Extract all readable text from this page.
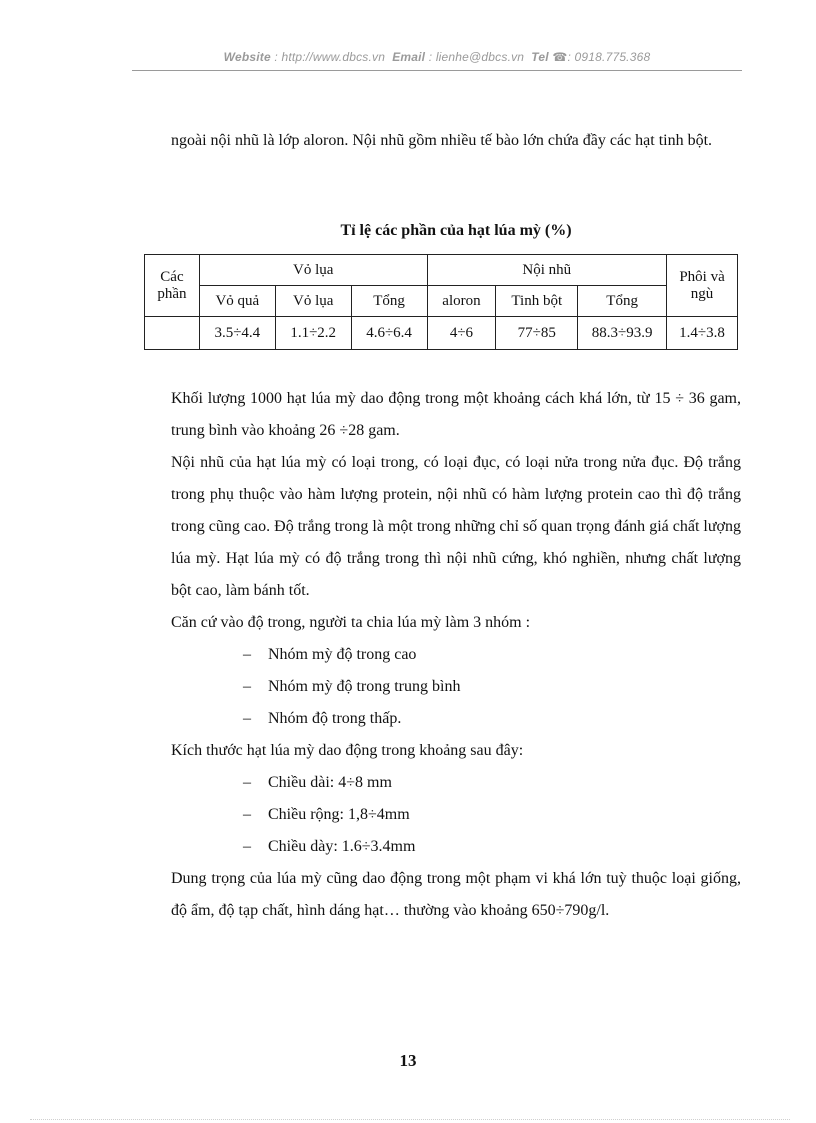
Website : http://www.dbcs.vn Email : lienhe@dbcs.vn Tel ☎: 0918.775.368

ngoài nội nhũ là lớp aloron. Nội nhũ gồm nhiều tế bào lớn chứa đầy các hạt tinh bột.

Tỉ lệ các phần của hạt lúa mỳ (%)
Các phần	Vỏ lụa			Nội nhũ			Phôi và ngù
	Vỏ quả	Vỏ lụa	Tổng	aloron	Tinh bột	Tổng	
	3.5÷4.4	1.1÷2.2	4.6÷6.4	4÷6	77÷85	88.3÷93.9	1.4÷3.8

Khối lượng 1000 hạt lúa mỳ dao động trong một khoảng cách khá lớn, từ 15 ÷ 36 gam, trung bình vào khoảng 26 ÷28 gam.

Nội nhũ của hạt lúa mỳ có loại trong, có loại đục, có loại nửa trong nửa đục. Độ trắng trong phụ thuộc vào hàm lượng protein, nội nhũ có hàm lượng protein cao thì độ trắng trong cũng cao. Độ trắng trong là một trong những chỉ số quan trọng đánh giá chất lượng lúa mỳ. Hạt lúa mỳ có độ trắng trong thì nội nhũ cứng, khó nghiền, nhưng chất lượng bột cao, làm bánh tốt.

Căn cứ vào độ trong, người ta chia lúa mỳ làm 3 nhóm :

– Nhóm mỳ độ trong cao

– Nhóm mỳ độ trong trung bình

– Nhóm độ trong thấp.

Kích thước hạt lúa mỳ dao động trong khoảng sau đây:

– Chiều dài: 4÷8 mm

– Chiều rộng: 1,8÷4mm

– Chiều dày: 1.6÷3.4mm

Dung trọng của lúa mỳ cũng dao động trong một phạm vi khá lớn tuỳ thuộc loại giống, độ ẩm, độ tạp chất, hình dáng hạt… thường vào khoảng 650÷790g/l.

13
